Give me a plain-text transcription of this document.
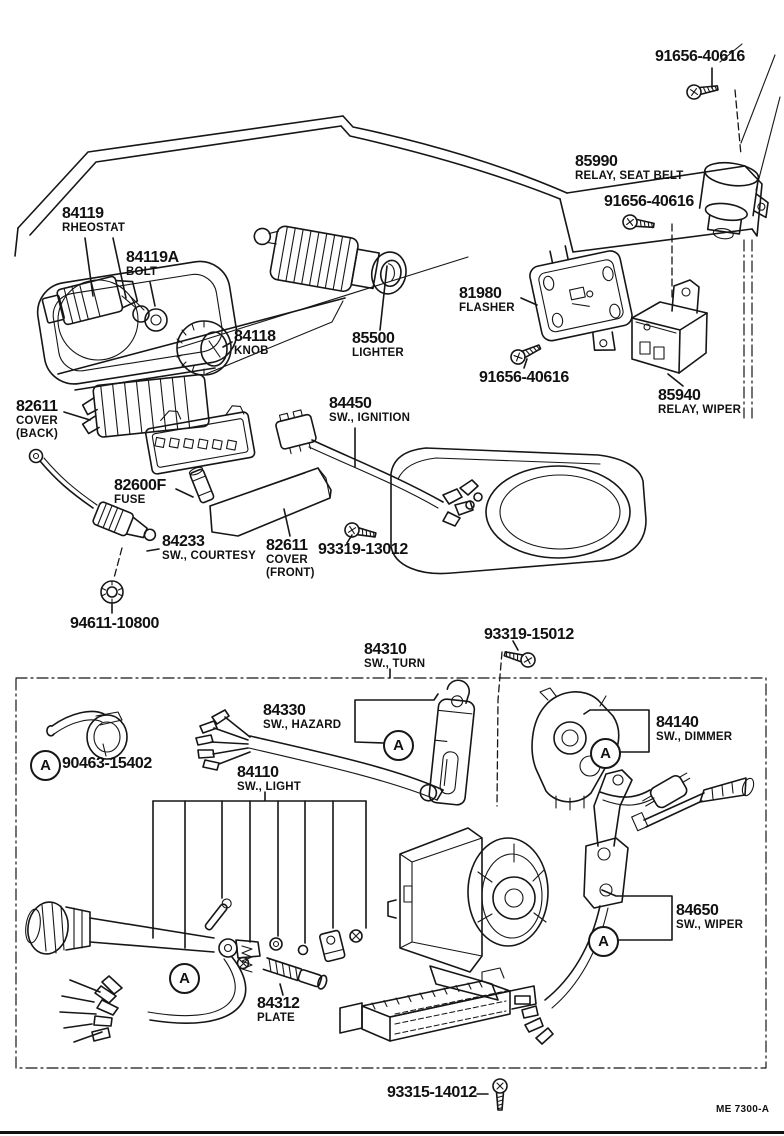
91656-40616
85990
RELAY, SEAT BELT
91656-40616
84119
RHEOSTAT
84119A
BOLT
81980
FLASHER
84118
KNOB
85500
LIGHTER
91656-40616
85940
RELAY, WIPER
82611
COVER
(BACK)
84450
SW., IGNITION
82600F
FUSE
84233
SW., COURTESY
82611
COVER
(FRONT)
93319-13012
94611-10800
84310
SW., TURN
93319-15012
84330
SW., HAZARD	84140
SW., DIMMER
90463-15402
84110
SW., LIGHT
84650
SW., WIPER
84312
PLATE
93315-14012
A
A	A
A
A
ME 7300-A
